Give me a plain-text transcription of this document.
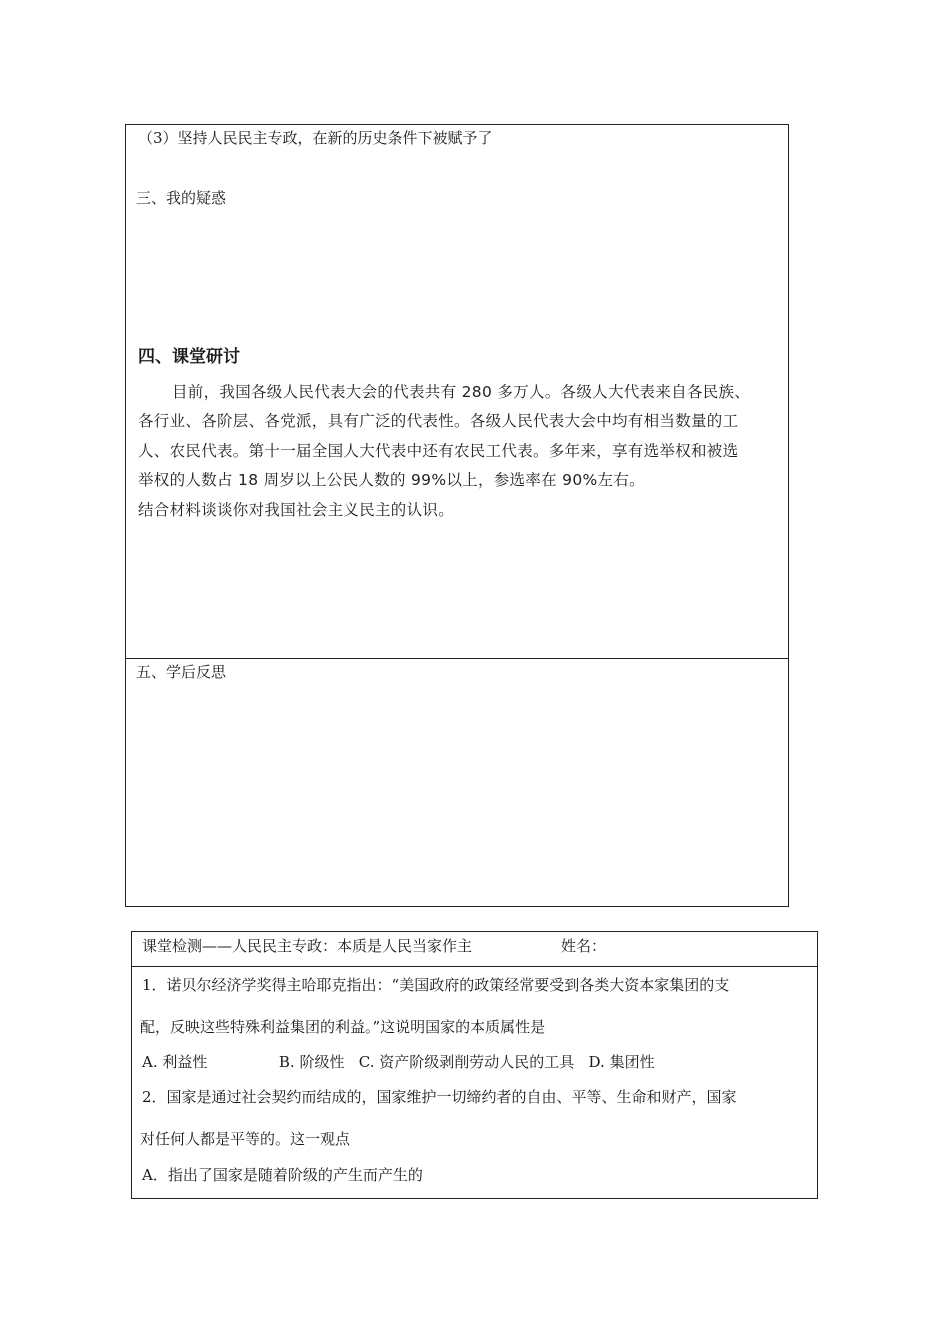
（3）坚持人民民主专政，在新的历史条件下被赋予了
三、我的疑惑
四、课堂研讨
目前，我国各级人民代表大会的代表共有 280 多万人。各级人大代表来自各民族、
各行业、各阶层、各党派，具有广泛的代表性。各级人民代表大会中均有相当数量的工
人、农民代表。第十一届全国人大代表中还有农民工代表。多年来，享有选举权和被选
举权的人数占 18 周岁以上公民人数的 99%以上，参选率在 90%左右。
结合材料谈谈你对我国社会主义民主的认识。
五、学后反思
课堂检测——人民民主专政：本质是人民当家作主	姓名：
1．诺贝尔经济学奖得主哈耶克指出：“美国政府的政策经常要受到各类大资本家集团的支
配，反映这些特殊利益集团的利益。”这说明国家的本质属性是
A. 利益性               B. 阶级性   C. 资产阶级剥削劳动人民的工具   D. 集团性
2．国家是通过社会契约而结成的，国家维护一切缔约者的自由、平等、生命和财产，国家
对任何人都是平等的。这一观点
A．指出了国家是随着阶级的产生而产生的
